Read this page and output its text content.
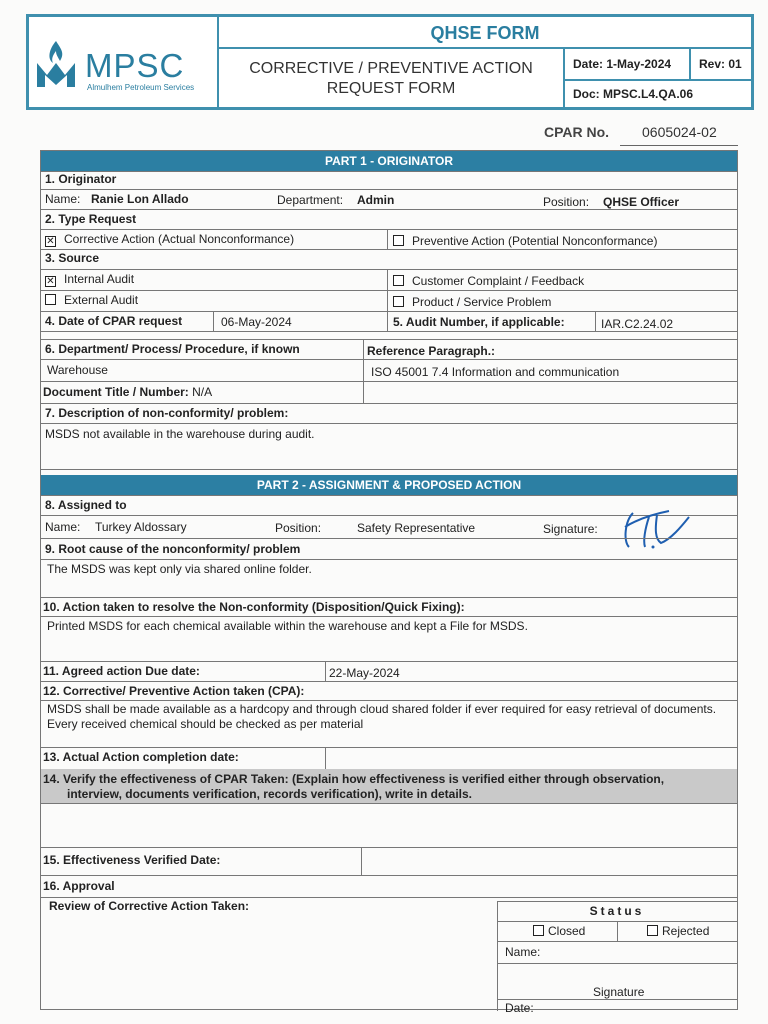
MPSC
Almulhem Petroleum Services
QHSE FORM
CORRECTIVE / PREVENTIVE ACTION
REQUEST FORM
Date: 1-May-2024	Rev: 01
Doc: MPSC.L4.QA.06
CPAR No.	0605024-02
PART 1 - ORIGINATOR
1. Originator
Name: Ranie Lon Allado	Department: Admin	Position: QHSE Officer
2. Type Request
✕ Corrective Action (Actual Nonconformance)	Preventive Action (Potential Nonconformance)
3. Source
✕ Internal Audit	Customer Complaint / Feedback
External Audit	Product / Service Problem
4. Date of CPAR request	06-May-2024	5. Audit Number, if applicable:	IAR.C2.24.02
6. Department/ Process/ Procedure, if known	Reference Paragraph.:
Warehouse	ISO 45001 7.4 Information and communication
Document Title / Number: N/A
7. Description of non-conformity/ problem:
MSDS not available in the warehouse during audit.
PART 2 - ASSIGNMENT & PROPOSED ACTION
8. Assigned to
Name: Turkey Aldossary	Position:	Safety Representative	Signature:
9. Root cause of the nonconformity/ problem
The MSDS was kept only via shared online folder.
10. Action taken to resolve the Non-conformity (Disposition/Quick Fixing):
Printed MSDS for each chemical available within the warehouse and kept a File for MSDS.
11. Agreed action Due date:	22-May-2024
12. Corrective/ Preventive Action taken (CPA):
MSDS shall be made available as a hardcopy and through cloud shared folder if ever required for easy retrieval of documents. Every received chemical should be checked as per material
13. Actual Action completion date:
14. Verify the effectiveness of CPAR Taken: (Explain how effectiveness is verified either through observation,
interview, documents verification, records verification), write in details.
15. Effectiveness Verified Date:
16. Approval
Review of Corrective Action Taken:	Status
Closed	Rejected
Name:
Signature
Date:
